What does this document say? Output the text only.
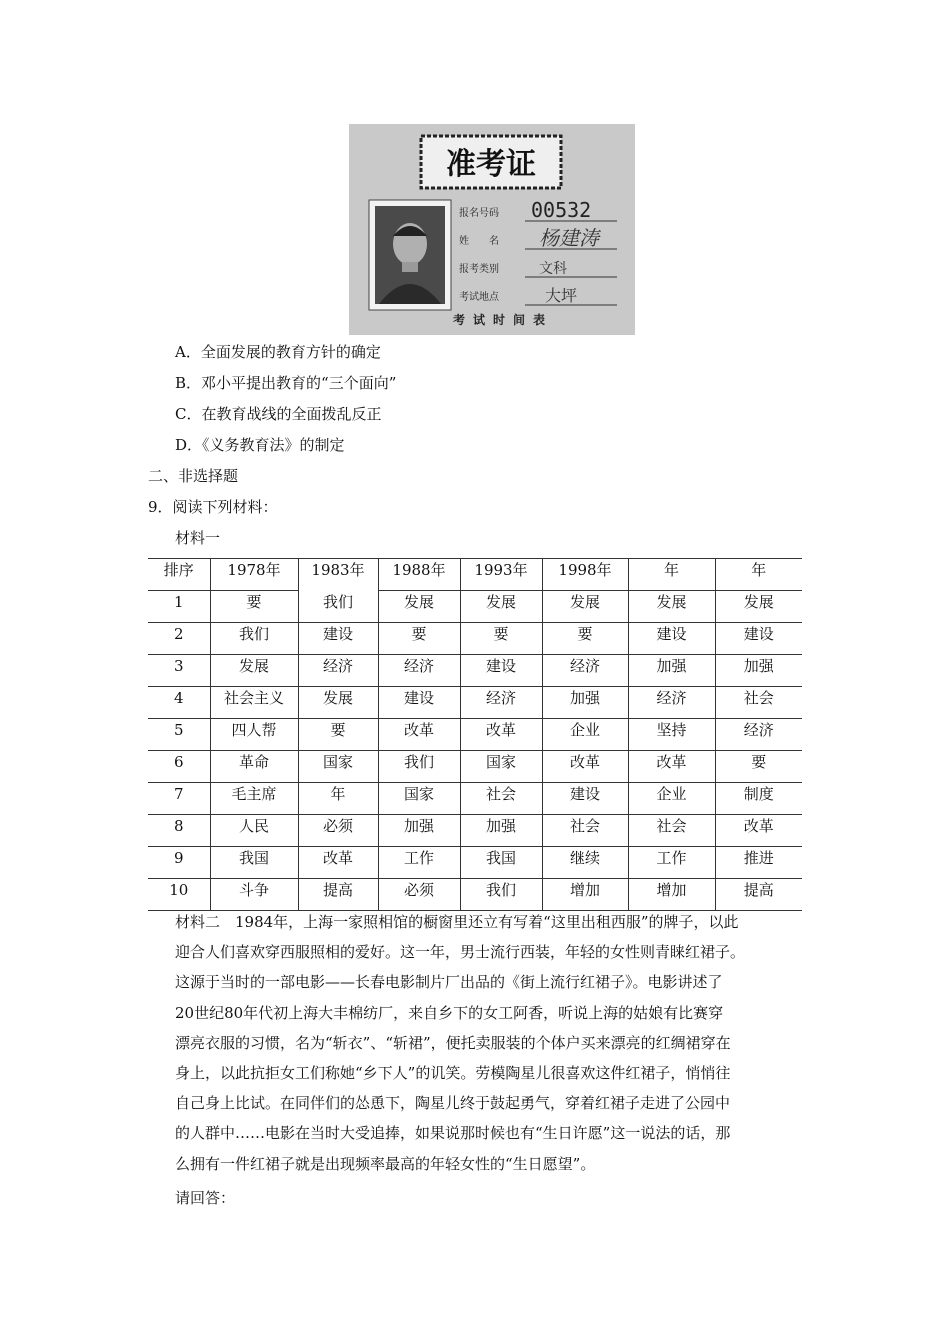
准考证
报名号码 00532
姓　　名 杨建涛
报考类别	文科
考试地点	大坪
考试时间表
A．全面发展的教育方针的确定
B．邓小平提出教育的“三个面向”
C．在教育战线的全面拨乱反正
D．《义务教育法》的制定
二、非选择题
9．阅读下列材料：
材料一
排序	1978年	1983年	1988年	1993年	1998年	年	年
1	要	我们	发展	发展	发展	发展	发展
2	我们	建设	要	要	要	建设	建设
3	发展	经济	经济	建设	经济	加强	加强
4	社会主义	发展	建设	经济	加强	经济	社会
5	四人帮	要	改革	改革	企业	坚持	经济
6	革命	国家	我们	国家	改革	改革	要
7	毛主席	年	国家	社会	建设	企业	制度
8	人民	必须	加强	加强	社会	社会	改革
9	我国	改革	工作	我国	继续	工作	推进
10	斗争	提高	必须	我们	增加	增加	提高

材料二　1984年，上海一家照相馆的橱窗里还立有写着“这里出租西服”的牌子，以此

迎合人们喜欢穿西服照相的爱好。这一年，男士流行西装，年轻的女性则青睐红裙子。

这源于当时的一部电影——长春电影制片厂出品的《街上流行红裙子》。电影讲述了

20世纪80年代初上海大丰棉纺厂，来自乡下的女工阿香，听说上海的姑娘有比赛穿

漂亮衣服的习惯，名为“斩衣”、“斩裙”，便托卖服装的个体户买来漂亮的红绸裙穿在

身上，以此抗拒女工们称她“乡下人”的讥笑。劳模陶星儿很喜欢这件红裙子，悄悄往

自己身上比试。在同伴们的怂恿下，陶星儿终于鼓起勇气，穿着红裙子走进了公园中

的人群中……电影在当时大受追捧，如果说那时候也有“生日许愿”这一说法的话，那

么拥有一件红裙子就是出现频率最高的年轻女性的“生日愿望”。

请回答：
